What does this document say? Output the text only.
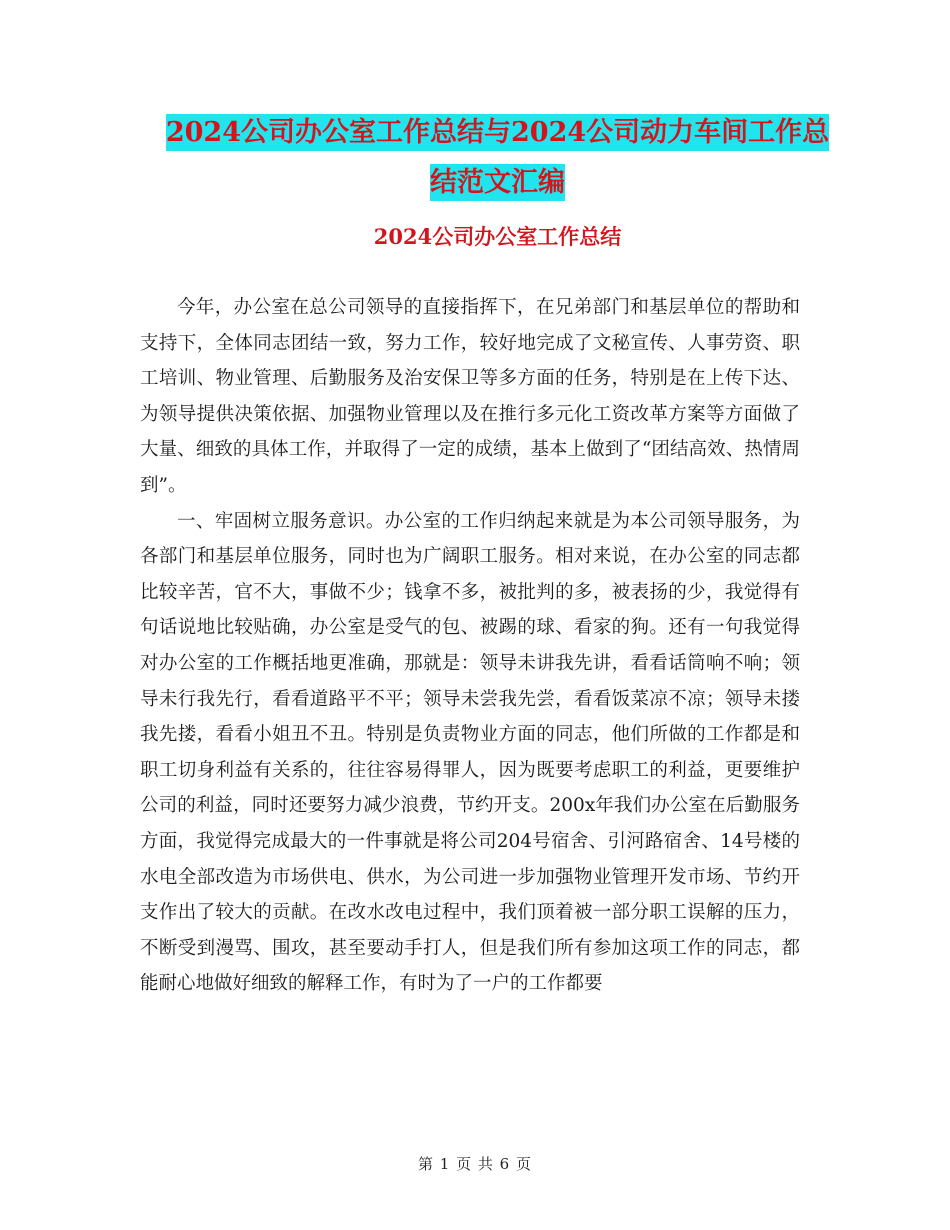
2024公司办公室工作总结与2024公司动力车间工作总
结范文汇编
2024公司办公室工作总结

今年，办公室在总公司领导的直接指挥下，在兄弟部门和基层单位的帮助和支持下，全体同志团结一致，努力工作，较好地完成了文秘宣传、人事劳资、职工培训、物业管理、后勤服务及治安保卫等多方面的任务，特别是在上传下达、为领导提供决策依据、加强物业管理以及在推行多元化工资改革方案等方面做了大量、细致的具体工作，并取得了一定的成绩，基本上做到了“团结高效、热情周到”。

一、牢固树立服务意识。办公室的工作归纳起来就是为本公司领导服务，为各部门和基层单位服务，同时也为广阔职工服务。相对来说，在办公室的同志都比较辛苦，官不大，事做不少；钱拿不多，被批判的多，被表扬的少，我觉得有句话说地比较贴确，办公室是受气的包、被踢的球、看家的狗。还有一句我觉得对办公室的工作概括地更准确，那就是：领导未讲我先讲，看看话筒响不响；领导未行我先行，看看道路平不平；领导未尝我先尝，看看饭菜凉不凉；领导未搂我先搂，看看小姐丑不丑。特别是负责物业方面的同志，他们所做的工作都是和职工切身利益有关系的，往往容易得罪人，因为既要考虑职工的利益，更要维护公司的利益，同时还要努力减少浪费，节约开支。200x年我们办公室在后勤服务方面，我觉得完成最大的一件事就是将公司204号宿舍、引河路宿舍、14号楼的水电全部改造为市场供电、供水，为公司进一步加强物业管理开发市场、节约开支作出了较大的贡献。在改水改电过程中，我们顶着被一部分职工误解的压力，不断受到漫骂、围攻，甚至要动手打人，但是我们所有参加这项工作的同志，都能耐心地做好细致的解释工作，有时为了一户的工作都要

第 1 页 共 6 页
